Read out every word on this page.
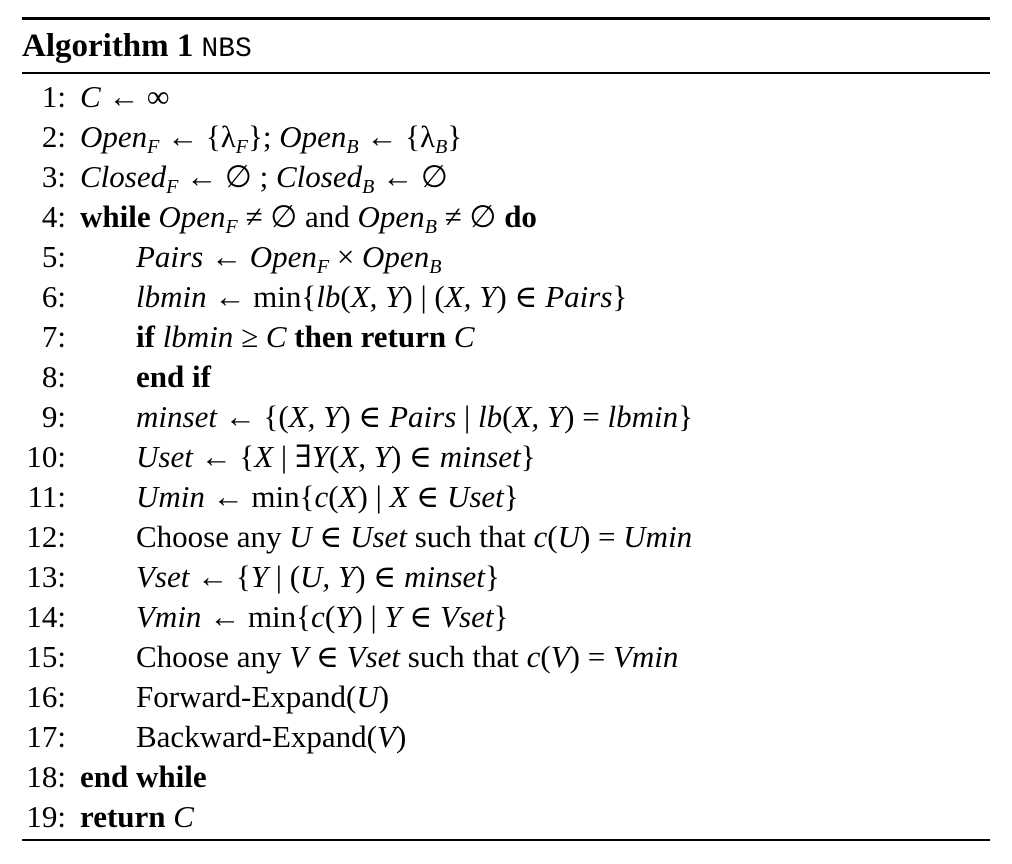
Algorithm 1 NBS
1: C ← ∞
2: Open$_F$ ← $\{\lambda_F\}$; Open$_B$ ← $\{\lambda_B\}$
3: Closed$_F$ ← ∅ ; Closed$_B$ ← ∅
4: while Open$_F$ ≠ ∅ and Open$_B$ ≠ ∅ do
5: Pairs ← Open$_F$ × Open$_B$
6: lbmin ← min{lb(X, Y) | (X, Y) ∈ Pairs}
7: if lbmin ≥ C then return C
8: end if
9: minset ← {(X, Y) ∈ Pairs | lb(X, Y) = lbmin}
10: Uset ← {X | ∃Y(X, Y) ∈ minset}
11: Umin ← min{c(X) | X ∈ Uset}
12: Choose any U ∈ Uset such that c(U) = Umin
13: Vset ← {Y | (U, Y) ∈ minset}
14: Vmin ← min{c(Y) | Y ∈ Vset}
15: Choose any V ∈ Vset such that c(V) = Vmin
16: Forward-Expand(U)
17: Backward-Expand(V)
18: end while
19: return C
